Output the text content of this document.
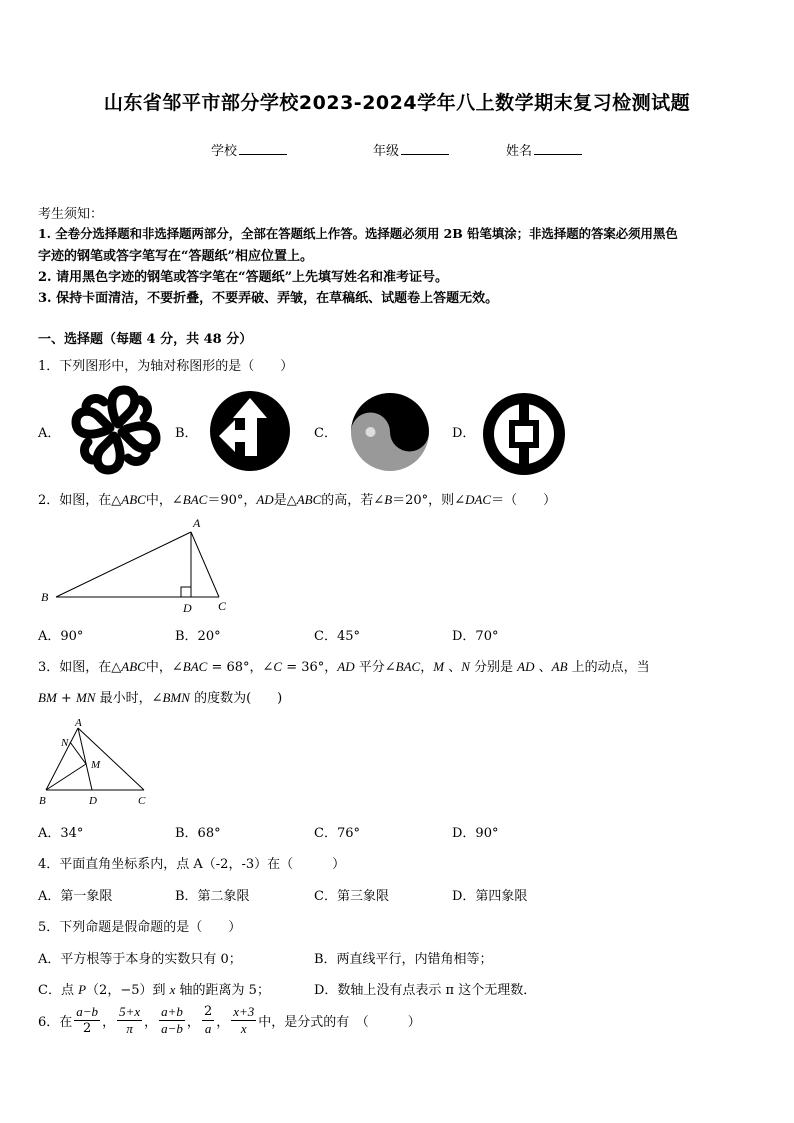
山东省邹平市部分学校2023-2024学年八上数学期末复习检测试题
学校	年级	姓名
考生须知：
1. 全卷分选择题和非选择题两部分，全部在答题纸上作答。选择题必须用 2B 铅笔填涂；非选择题的答案必须用黑色
字迹的钢笔或答字笔写在“答题纸”相应位置上。
2. 请用黑色字迹的钢笔或答字笔在“答题纸”上先填写姓名和准考证号。
3. 保持卡面清洁，不要折叠，不要弄破、弄皱，在草稿纸、试题卷上答题无效。
一、选择题（每题 4 分，共 48 分）
1．下列图形中，为轴对称图形的是（　　）
A．	B．	C．	D．
2．如图，在△ABC中，∠BAC＝90°，AD是△ABC的高，若∠B＝20°，则∠DAC＝（　　）
A
B
C
D
A．90°	B．20°	C．45°	D．70°
3．如图，在△ABC中，∠BAC = 68°，∠C = 36°，AD 平分∠BAC，M 、N 分别是 AD 、AB 上的动点，当
BM + MN 最小时，∠BMN 的度数为(　　)
A
N
M
B	D	C
A．34°	B．68°	C．76°	D．90°
4．平面直角坐标系内，点 A（-2，-3）在（　　　）
A．第一象限	B．第二象限	C．第三象限	D．第四象限
5．下列命题是假命题的是（　　）
A．平方根等于本身的实数只有 0；	B．两直线平行，内错角相等；
C．点 P（2，−5）到 x 轴的距离为 5；	D．数轴上没有点表示 π 这个无理数．
6．在 $\frac{a-b}{2}$ ， $\frac{5+x}{\pi}$ ， $\frac{a+b}{a-b}$ ， $\frac{2}{a}$ ， $\frac{x+3}{x}$ 中，是分式的有　（　　　）
